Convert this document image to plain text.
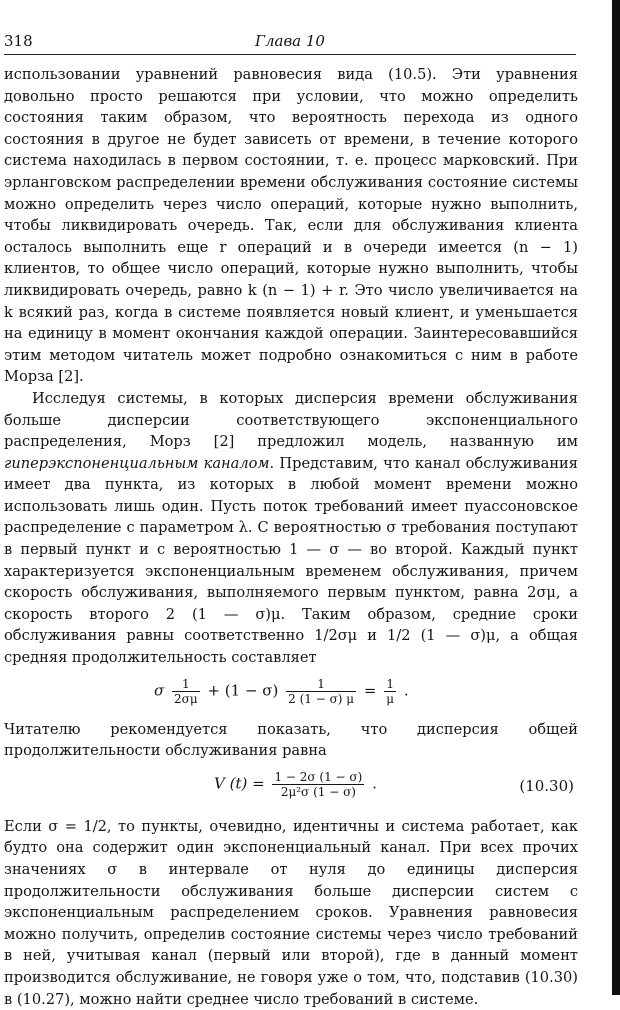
318	Глава 10

использовании уравнений равновесия вида (10.5). Эти уравнения довольно просто решаются при условии, что можно определить состояния таким образом, что вероятность перехода из одного состояния в другое не будет зависеть от времени, в течение которого система находилась в первом состоянии, т. е. процесс марковский. При эрланговском распределении времени обслуживания состояние системы можно определить через число операций, которые нужно выполнить, чтобы ликвидировать очередь. Так, если для обслуживания клиента осталось выполнить еще r операций и в очереди имеется (n − 1) клиентов, то общее число операций, которые нужно выполнить, чтобы ликвидировать очередь, равно k (n − 1) + r. Это число увеличивается на k всякий раз, когда в системе появляется новый клиент, и уменьшается на единицу в момент окончания каждой операции. Заинтересовавшийся этим методом читатель может подробно ознакомиться с ним в работе Морза [2].

Исследуя системы, в которых дисперсия времени обслуживания больше дисперсии соответствующего экспоненциального распределения, Морз [2] предложил модель, названную им гиперэкспоненциальным каналом. Представим, что канал обслуживания имеет два пункта, из которых в любой момент времени можно использовать лишь один. Пусть поток требований имеет пуассоновское распределение с параметром λ. С вероятностью σ требования поступают в первый пункт и с вероятностью 1 — σ — во второй. Каждый пункт характеризуется экспоненциальным временем обслуживания, причем скорость обслуживания, выполняемого первым пунктом, равна 2σμ, а скорость второго 2 (1 — σ)μ. Таким образом, средние сроки обслуживания равны соответственно 1/2σμ и 1/2 (1 — σ)μ, а общая средняя продолжительность составляет

σ $\frac{1}{2\sigma\mu} + (1 - \sigma) \frac{1}{2 (1 - \sigma) \mu} = \frac{1}{\mu}$ .

Читателю рекомендуется показать, что дисперсия общей продолжительности обслуживания равна

V $(t) = \frac{1 - 2\sigma (1 - \sigma)}{\text{2μ²σ (1 − σ)}}$ .	(10.30)

Если σ = 1/2, то пункты, очевидно, идентичны и система работает, как будто она содержит один экспоненциальный канал. При всех прочих значениях σ в интервале от нуля до единицы дисперсия продолжительности обслуживания больше дисперсии систем с экспоненциальным распределением сроков. Уравнения равновесия можно получить, определив состояние системы через число требований в ней, учитывая канал (первый или второй), где в данный момент производится обслуживание, не говоря уже о том, что, подставив (10.30) в (10.27), можно найти среднее число требований в системе.
